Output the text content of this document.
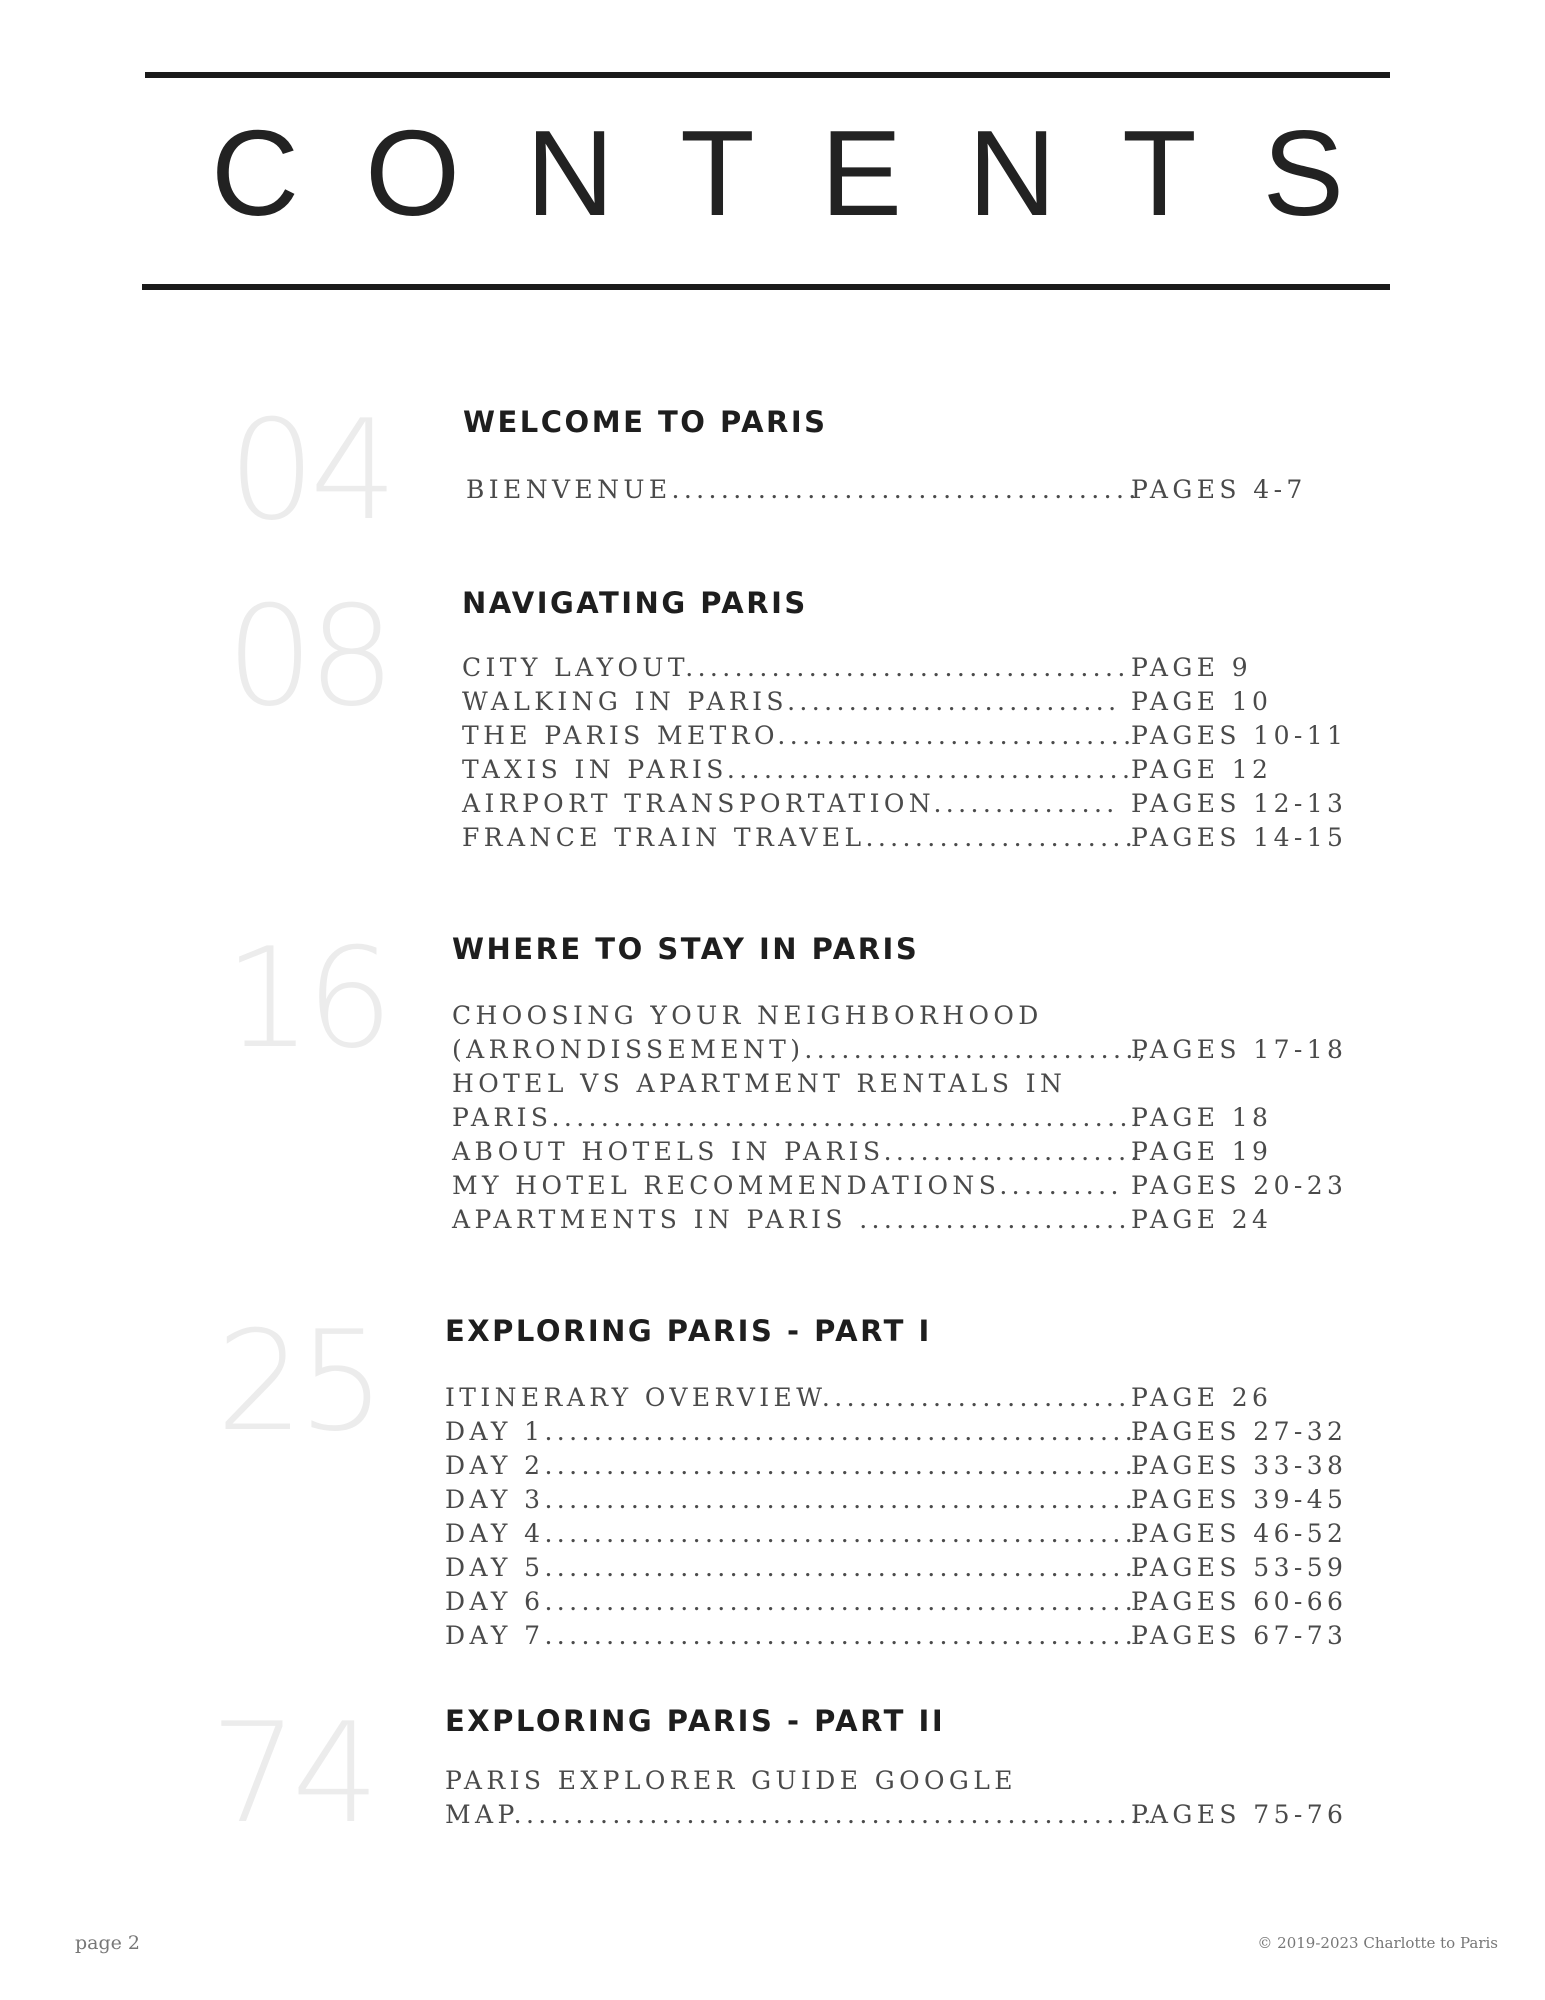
CONTENTS
04 WELCOME TO PARIS
BIENVENUE......................................
PAGES 4-7
08 NAVIGATING PARIS
CITY LAYOUT.................................... PAGE 9
WALKING IN PARIS........................... PAGE 10
THE PARIS METRO.............................
PAGES 10-11
TAXIS IN PARIS.................................
PAGE 12
AIRPORT TRANSPORTATION............... PAGES 12-13
FRANCE TRAIN TRAVEL......................
PAGES 14-15
16 WHERE TO STAY IN PARIS
CHOOSING YOUR NEIGHBORHOOD
(ARRONDISSEMENT)...........................,
PAGES 17-18
HOTEL VS APARTMENT RENTALS IN
PARIS................................................
PAGE 18
ABOUT HOTELS IN PARIS.....................
PAGE 19
MY HOTEL RECOMMENDATIONS.......... PAGES 20-23
APARTMENTS IN PARIS ...................... PAGE 24
25 EXPLORING PARIS - PART I
ITINERARY OVERVIEW......................... PAGE 26
DAY 1.................................................
PAGES 27-32
DAY 2.................................................
PAGES 33-38
DAY 3.................................................
PAGES 39-45
DAY 4.................................................
PAGES 46-52
DAY 5.................................................
PAGES 53-59
DAY 6.................................................
PAGES 60-66
DAY 7.................................................
PAGES 67-73
74 EXPLORING PARIS - PART II
PARIS EXPLORER GUIDE GOOGLE
MAP....................................................
PAGES 75-76
page 2	© 2019-2023 Charlotte to Paris
